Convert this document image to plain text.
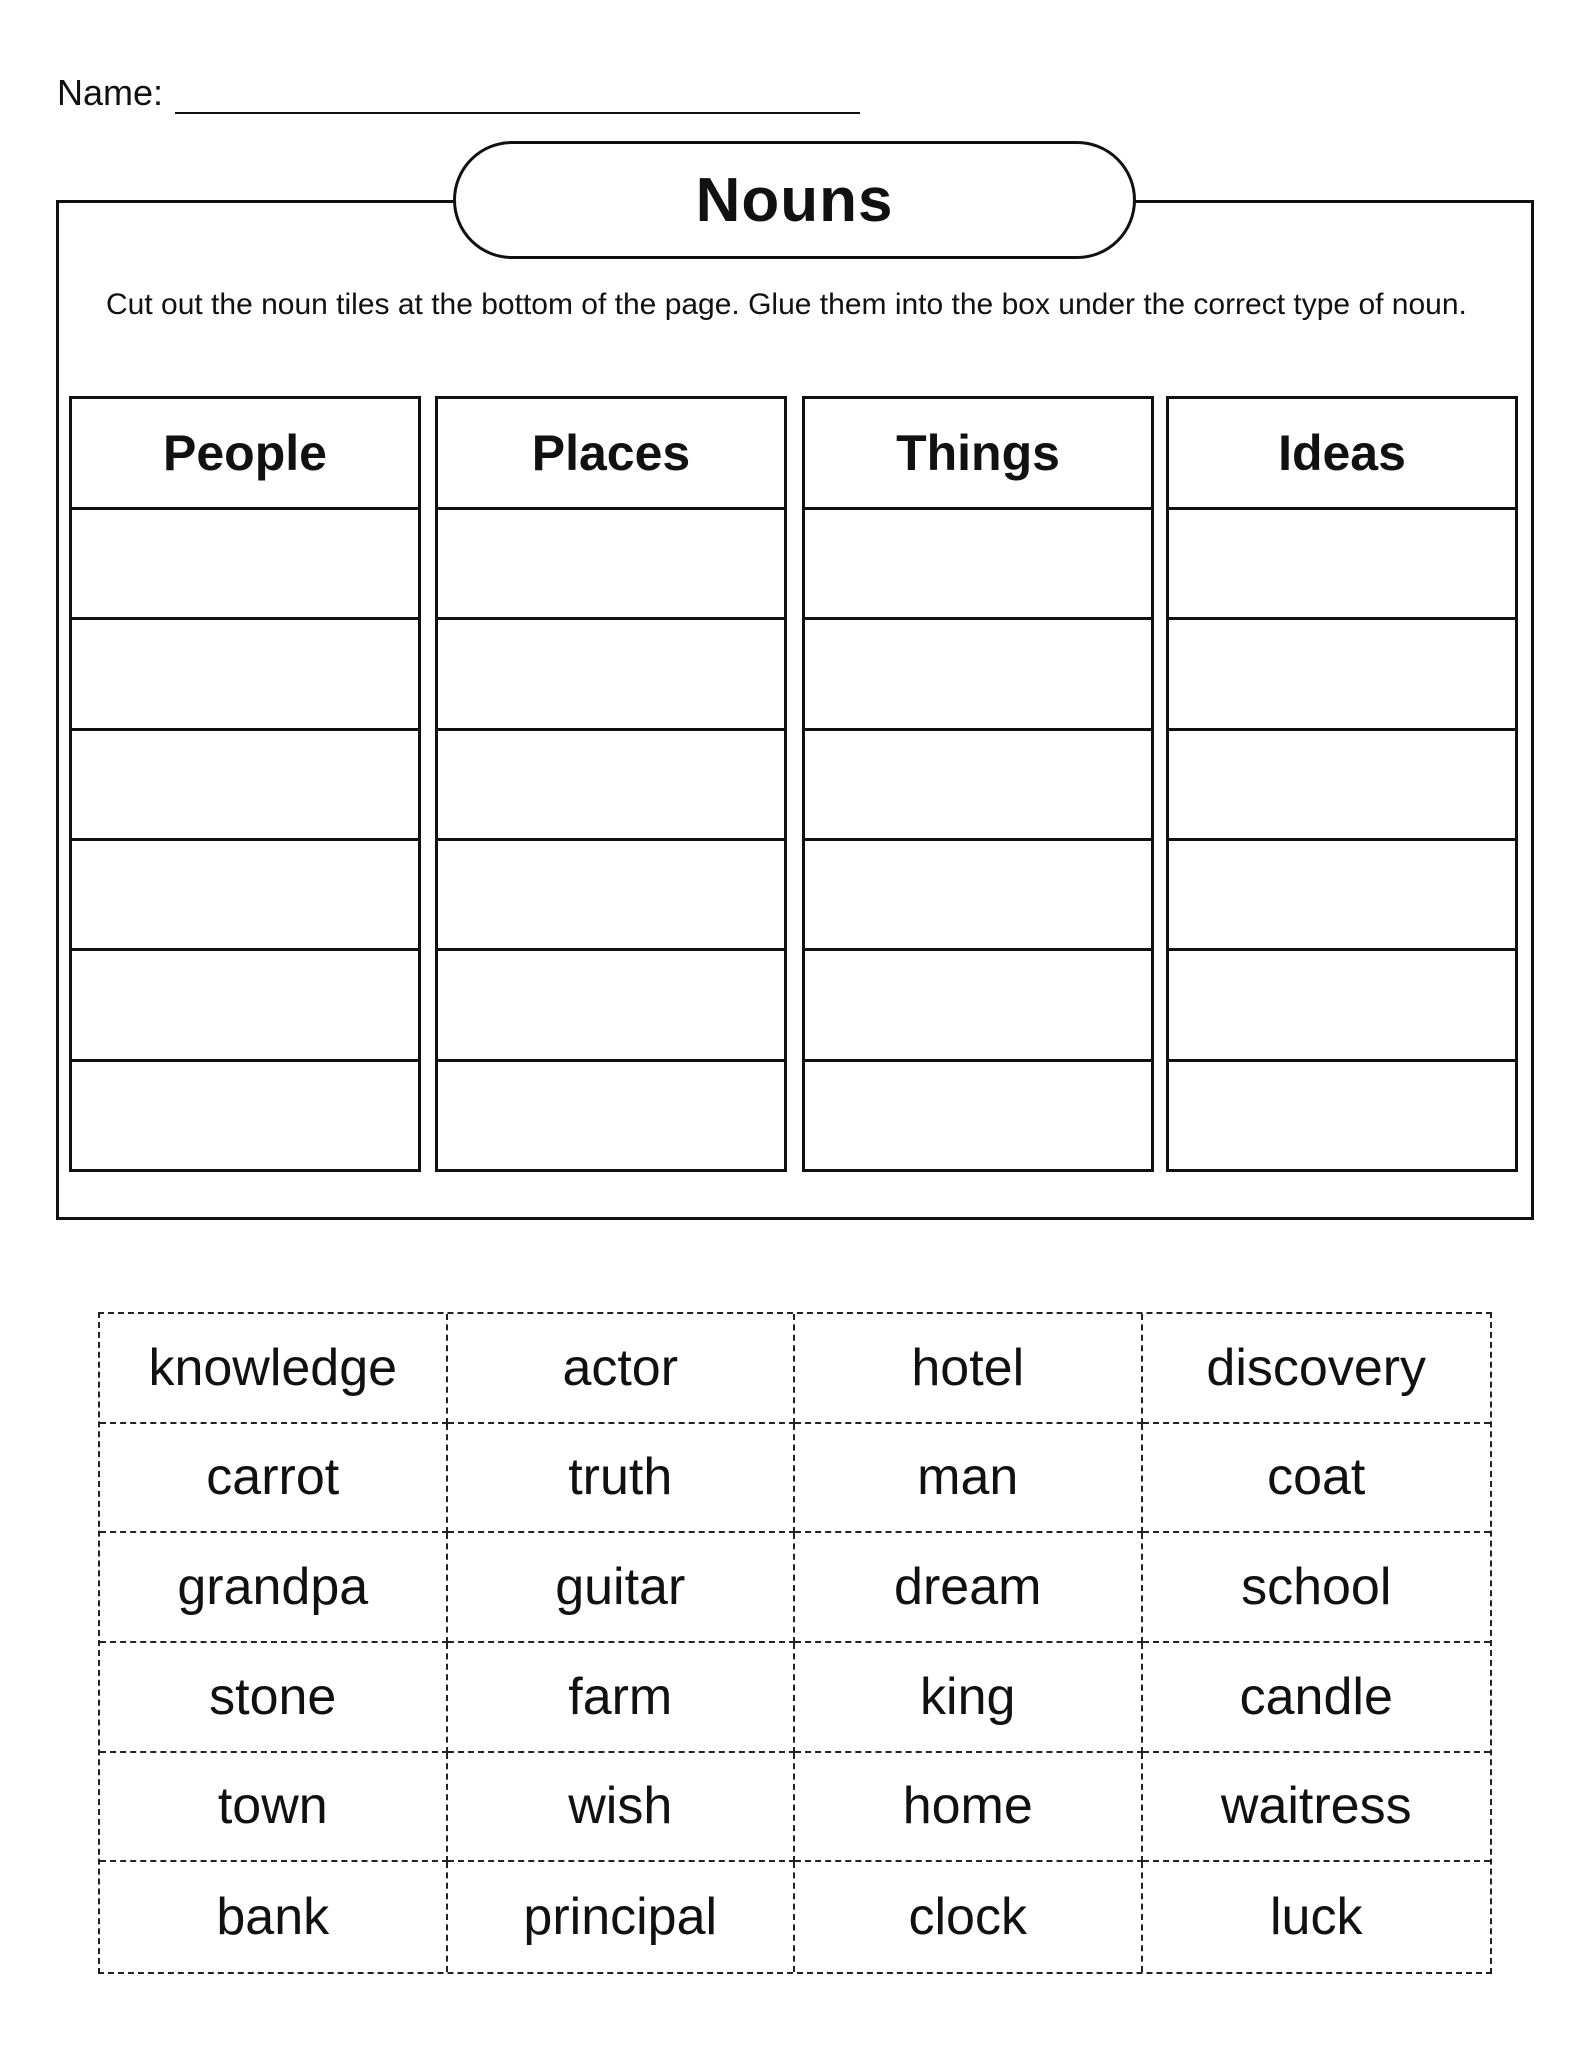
Name:
Nouns
Cut out the noun tiles at the bottom of the page. Glue them into the box under the correct type of noun.
People	Places	Things	Ideas
knowledge	actor	hotel	discovery
carrot	truth	man	coat
grandpa	guitar	dream	school
stone	farm	king	candle
town	wish	home	waitress
bank	principal	clock	luck
